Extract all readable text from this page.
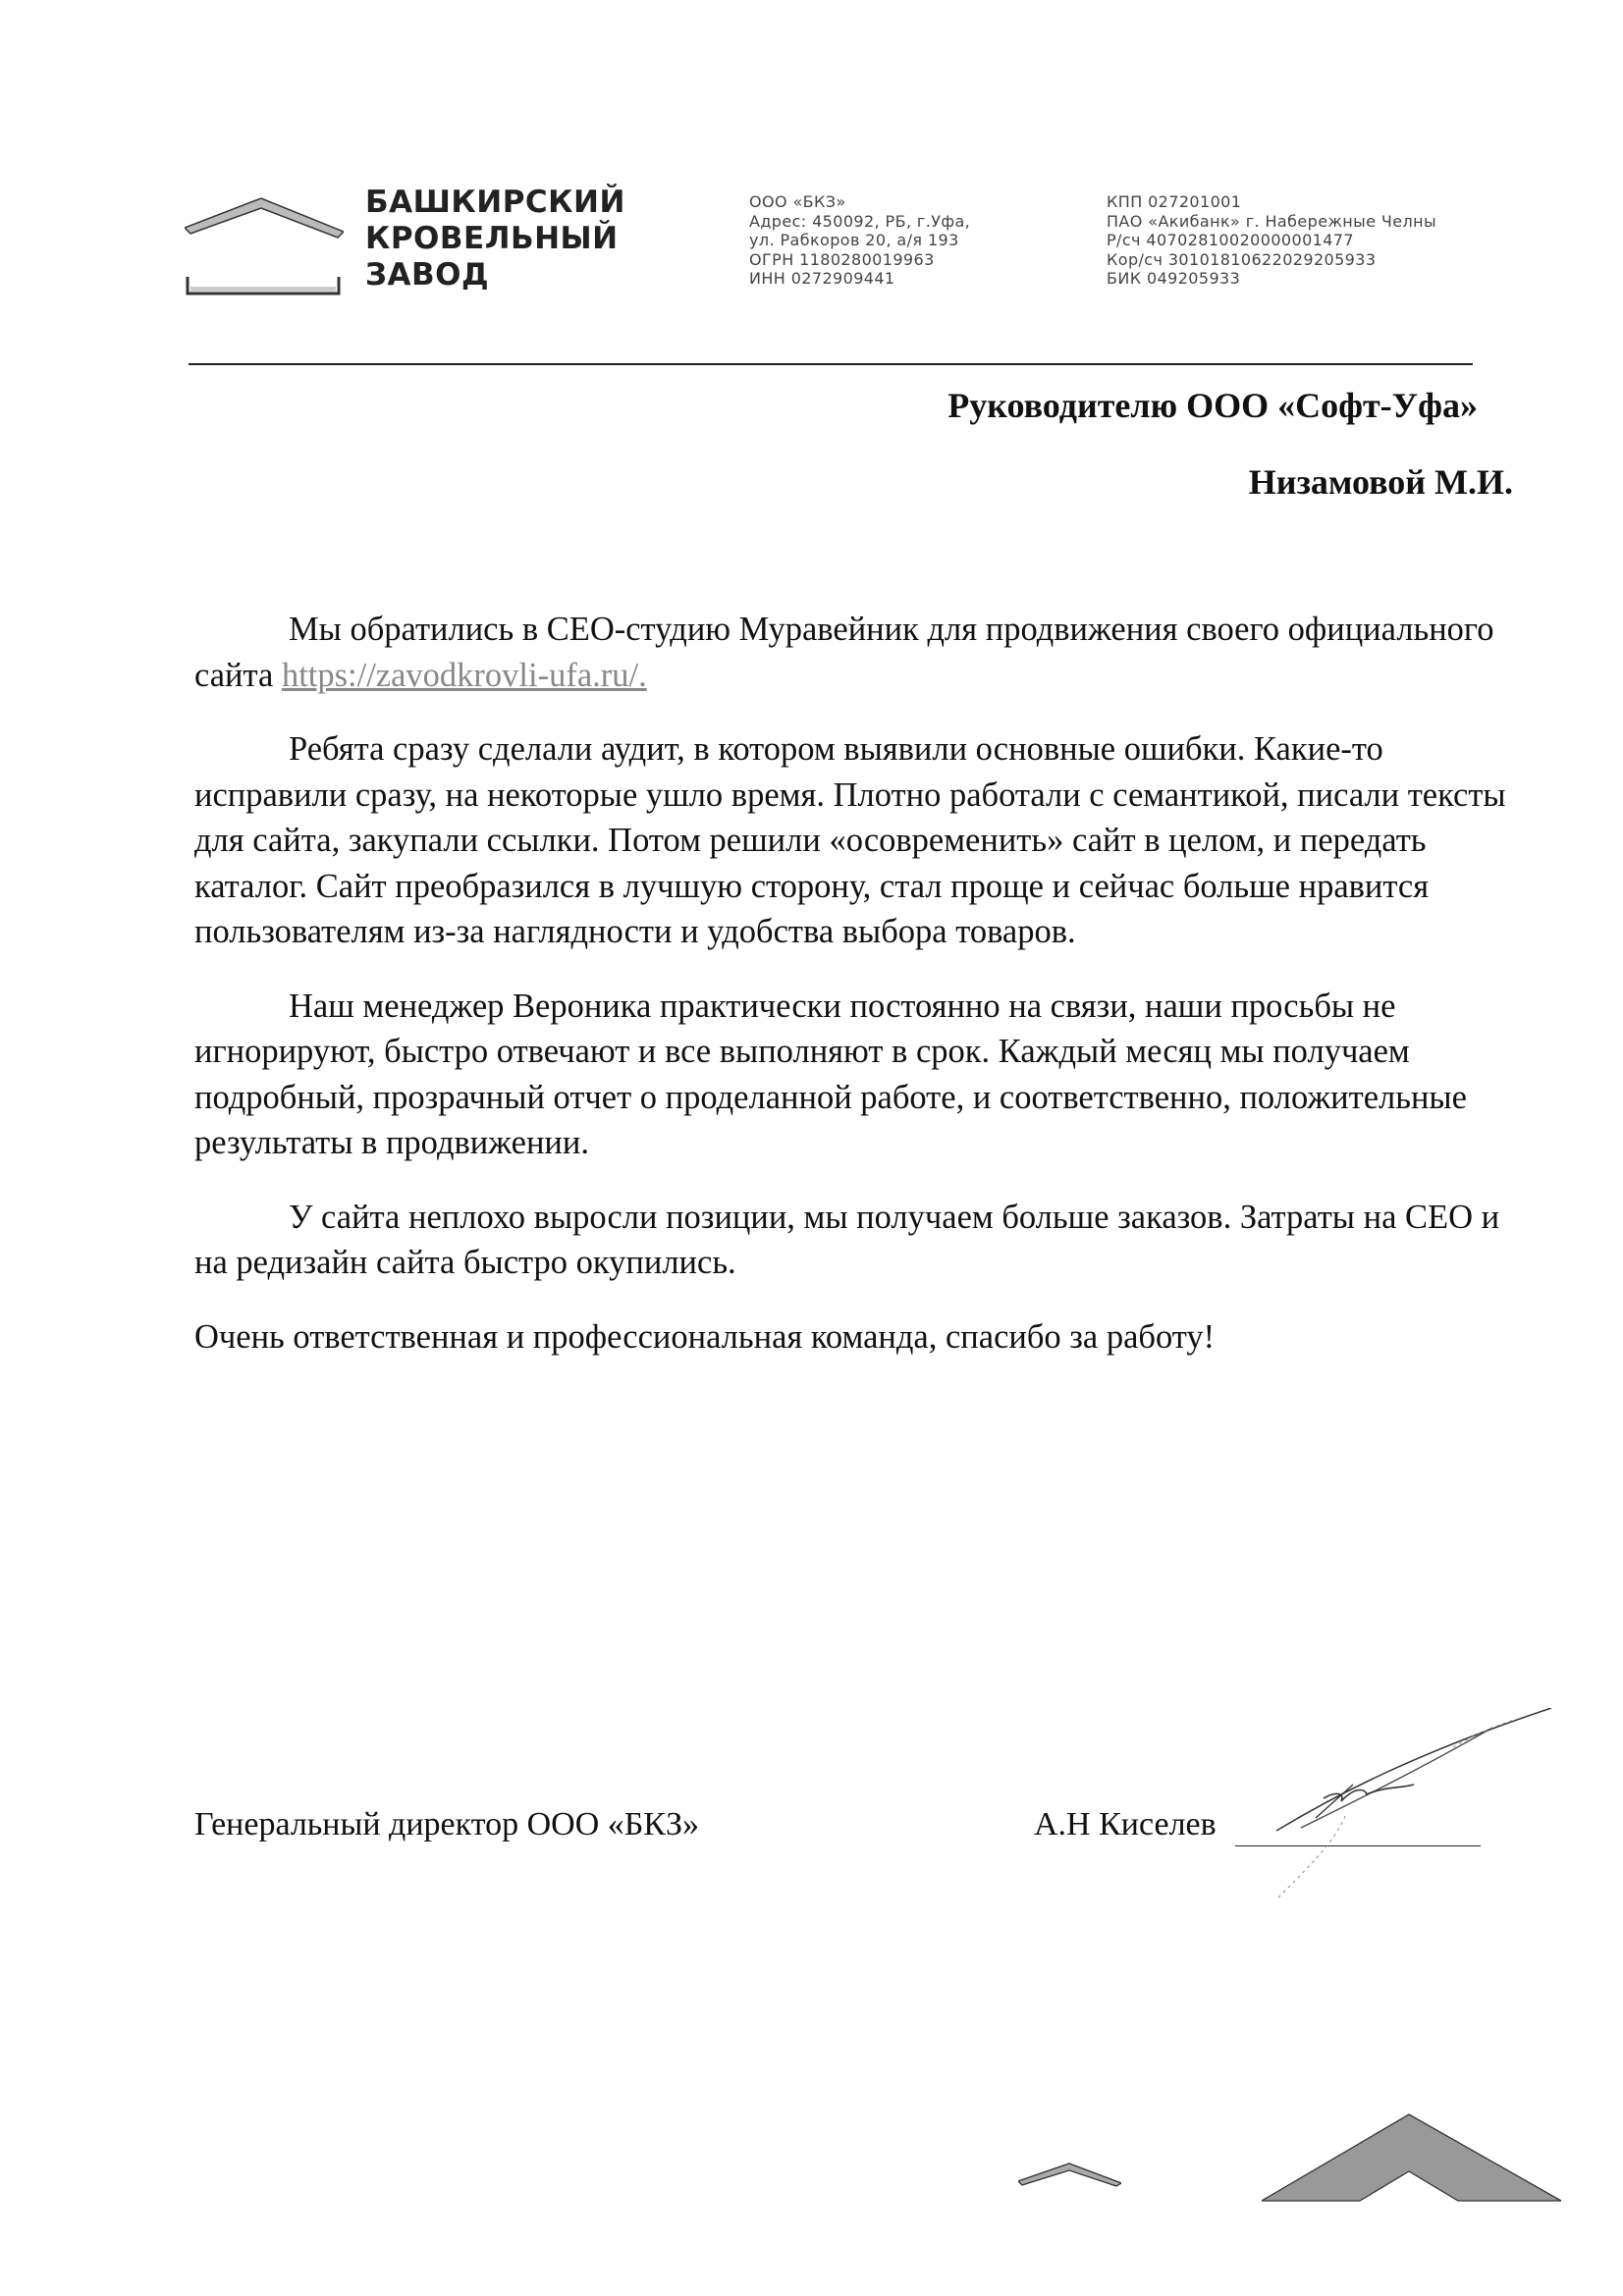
БАШКИРСКИЙ
КРОВЕЛЬНЫЙ
ЗАВОД
ООО «БКЗ»
Адрес: 450092, РБ, г.Уфа,
ул. Рабкоров 20, а/я 193
ОГРН 1180280019963
ИНН 0272909441
КПП 027201001
ПАО «Акибанк» г. Набережные Челны
Р/сч 40702810020000001477
Кор/сч 30101810622029205933
БИК 049205933
Руководителю ООО «Софт-Уфа»
Низамовой М.И.

Мы обратились в СЕО-студию Муравейник для продвижения своего официального сайта https://zavodkrovli-ufa.ru/.

Ребята сразу сделали аудит, в котором выявили основные ошибки. Какие-то исправили сразу, на некоторые ушло время. Плотно работали с семантикой, писали тексты для сайта, закупали ссылки. Потом решили «осовременить» сайт в целом, и передать каталог. Сайт преобразился в лучшую сторону, стал проще и сейчас больше нравится пользователям из-за наглядности и удобства выбора товаров.

Наш менеджер Вероника практически постоянно на связи, наши просьбы не игнорируют, быстро отвечают и все выполняют в срок. Каждый месяц мы получаем подробный, прозрачный отчет о проделанной работе, и соответственно, положительные результаты в продвижении.

У сайта неплохо выросли позиции, мы получаем больше заказов. Затраты на СЕО и на редизайн сайта быстро окупились.

Очень ответственная и профессиональная команда, спасибо за работу!

Генеральный директор ООО «БКЗ»	А.Н Киселев
